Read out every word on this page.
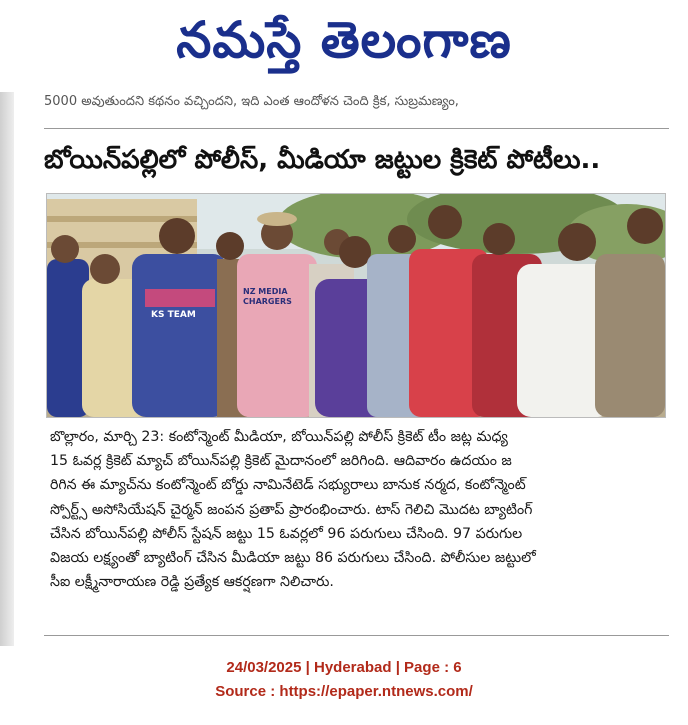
నమస్తే తెలంగాణ
5000 అవుతుందని కథనం వచ్చిందని, ఇది ఎంత ఆందోళన చెంది క్రిక, సుబ్రమణ్యం,
బోయిన్‌పల్లిలో పోలీస్, మీడియా జట్టుల క్రికెట్ పోటీలు..
KS TEAM
NZ MEDIA
CHARGERS
బొల్లారం, మార్చి 23: కంటోన్మెంట్ మీడియా, బోయిన్‌పల్లి పోలీస్ క్రికెట్ టీం జట్ల మధ్య
15 ఓవర్ల క్రికెట్ మ్యాచ్ బోయిన్‌పల్లి క్రికెట్ మైదానంలో జరిగింది. ఆదివారం ఉదయం జ
రిగిన ఈ మ్యాచ్‌ను కంటోన్మెంట్ బోర్డు నామినేటెడ్ సభ్యురాలు బానుక నర్మద, కంటోన్మెంట్
స్పోర్ట్స్ అసోసియేషన్ చైర్మన్ జంపన ప్రతాప్ ప్రారంభించారు. టాస్ గెలిచి మొదట బ్యాటింగ్
చేసిన బోయిన్‌పల్లి పోలీస్ స్టేషన్ జట్టు 15 ఓవర్లలో 96 పరుగులు చేసింది. 97 పరుగుల
విజయ లక్ష్యంతో బ్యాటింగ్ చేసిన మీడియా జట్టు 86 పరుగులు చేసింది. పోలీసుల జట్టులో
సీఐ లక్ష్మీనారాయణ రెడ్డి ప్రత్యేక ఆకర్షణగా నిలిచారు.
24/03/2025 | Hyderabad | Page : 6
Source : https://epaper.ntnews.com/
